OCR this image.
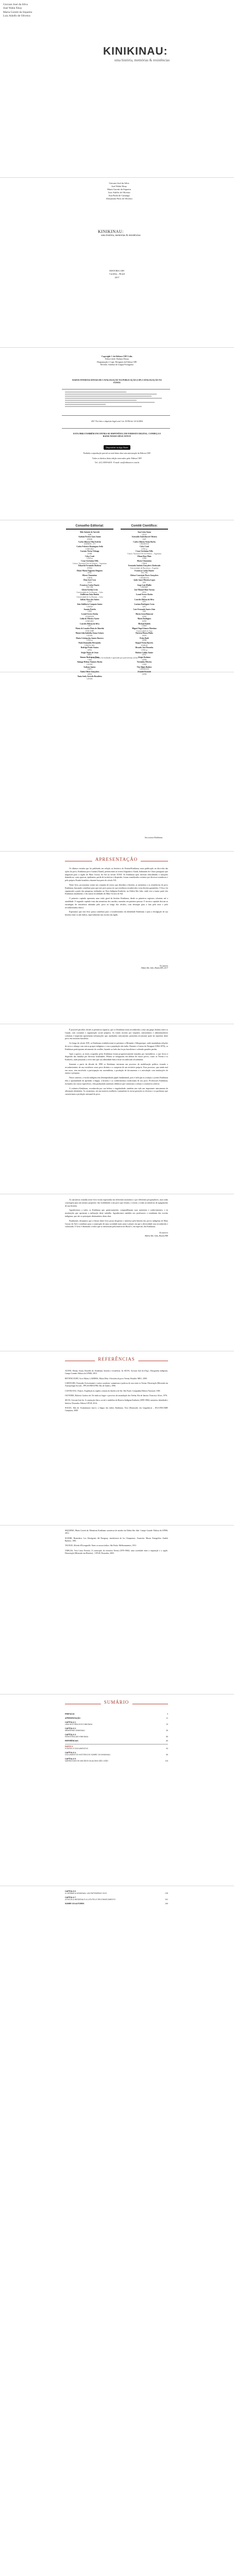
Giovani José da Silva
José Wabá Xhuy
Maria Goretti da Siqueira
Luiz Adolfo de Oliveira
KINIKINAU:
uma história, memórias & resistências
Giovani José da Silva
José Wabá Xhuy
Maria Goretti da Siqueira
Luiz Adolfo de Oliveira
Ana Paula de Camargo
Alessandra Pires de Oliveira
KINIKINAU:
uma história, memórias & resistências
EDITORA CRV
Curitiba – Brasil
2017
Copyright © da Editora CRV Ltda.
Editor-chefe: Railson Moura
Diagramação e Capa: Designers da Editora CRV
Revisão: Analista de Língua Portuguesa
DADOS INTERNACIONAIS DE CATALOGAÇÃO NA PUBLICAÇÃO (CIP) CATALOGAÇÃO NA FONTE
2017 Foi feito o depósito legal conf. Lei 10.994 de 14/12/2004
ESTA OBRA TAMBÉM ENCONTRA-SE DISPONÍVEL EM FORMATO DIGITAL. CONHEÇA E BAIXE NOSSO APLICATIVO!
Disponível na App Store
Proibida a reprodução parcial ou total desta obra sem autorização da Editora CRV
Todos os direitos desta edição reservados pela: Editora CRV
Tel.: (41) 3039-6418 - E-mail: sac@editoracrv.com.br
Conselho Editorial:
Aldo Antonio de Azevedo
UnB
Antônio Pereira Gaio Júnior
UFRRJ
Carlos Alberto Vilar Estêvão
UMINHO – PT
Carlos Federico Dominguez Avila
UNIEURO
Carmen Tereza Velanga
UNIR
Celso Conti
UFSCar
Cesar Gerônimo Tello
Univer. Nacional Três de Febrero – Argentina
Eduardo Fernandes Barbosa
UFMG
Elione Maria Nogueira Diogenes
UFAL
Elizeu Clementino
UNEB
Élsio José Corá
UFFS
Francisco Carlos Duarte
PUC-PR
Gloria Fariñas León
Universidade de La Havana – Cuba
Guillermo Arias Beatón
Universidade de La Havana – Cuba
Jailson Alves dos Santos
UFRJ
João Adalberto Campato Junior
UNESP
Josania Portela
UFPI
Leonel Severo Rocha
UNISINOS
Lídia de Oliveira Xavier
UNIEURO
Lourdes Helena da Silva
UFV
Maria de Lourdes Pinto de Almeida
UNICAMP
Maria Lília Imbiriba Sousa Colares
UFOPA
Maria Cristina dos Santos Bezerra
UFSCar
Paulo Romualdo Hernandes
UNIFAL-MG
Rodrigo Pratte-Santos
UFES
Sérgio Nunes de Jesus
IFRO
Simone Rodrigues Pinto
UNB
Solange Helena Ximenes-Rocha
UFOPA
Sydione Santos
UEPG
Tadeu Oliver Gonçalves
UFPA
Tania Suely Azevedo Brasileiro
UFOPA
Comitê Científico:
Ana Lúcia Souza
UFCE
Ariovaldo Umbelino de Oliveira
USP
Carlos Alberto Vieira Borba
UNIOESTE
Celso Conti
UFSCar
Cesar Gerônimo Tello
Univer. Nacional Três de Febrero – Argentina
Eliane Rose Maio
UEM
Elizeu Clementino
UNEB
Fernando Antônio Gonçalves Alcoforado
Universidade de Barcelona – Espanha
Francisco Carlos Duarte
PUC-PR
Gleisse Conceição Flores Gonçalves
UNIOESTE
Jader Janer Moreira Lopes
UFF
Jorge Luís Mialhe
UNIMEP
José Manuel Ruiz Varona
UFSC
Leonel Severo Rocha
URI
Lourdes Helena da Silva
UFV
Luciano Rodrigues Costa
UFV
Luís Fernando Soares Zuin
USP
Maria Lúcia Bianconi
UFRJ
Mario Rodrigues
UFRJ
Michael Rabelo
UFRN
Miguel Ángel Gómez-Martínez
Universidade de Vigo
Patrícia Moura Pinho
UEFS
Pedro Bodê
UFPR
Raquel Vieira Barreto
UNIFAP
Ricardo José Dornelas
UFSCar
Rubens Caldas Junior
UFSC
Sérgio Kodama
UFPB
Terezinha Oliveira
UEM
Tito Alípio Rudner
UNIOESTE
Zenaide Rezende
UFPR
Este livro foi avaliado e aprovado por pareceristas ad hoc.
Aos nossos Kinikinau.
APRESENTAÇÃO

Os últimos estudos que foi publicado em relação ao histórico do Kiniau/Kinikinau, mais publicação no dia-a-dia das ações do povo, Kinikinau povo Guaná (Chané), pertencentes ao tronco linguístico Aruák, habitantes do Chaco paraguaio que migraram para a região de Mato Grosso do Sul no século XVIII. Os Kinikinau após diversas dificuldades e situações dramáticas, como guerras, epidemias, perda de territórios e dispersão, foram considerados extintos por diversos estudiosos e pelo próprio Estado brasileiro durante boa parte do século XX.

Neste livro, procuramos reunir um conjunto de textos que abordam a história, as memórias e as resistências do povo Kinikinau, buscando contribuir para que este povo possa ter sua existência reconhecida e seus direitos garantidos. O livro foi organizado a partir das pesquisas realizadas na Terra Indígena Kadiwéu, na Aldeia São João, onde vive a maior parte dos Kinikinau atualmente, e em outras localidades do Mato Grosso do Sul.

O primeiro capítulo apresenta uma visão geral da história Kinikinau, desde os primeiros registros coloniais até a atualidade. O segundo capítulo trata das memórias dos anciãos, narradas em primeira pessoa. O terceiro capítulo discute as estratégias de resistência adotadas pelo povo ao longo dos séculos, com destaque para a luta pela terra e pelo reconhecimento étnico.

Esperamos que este livro possa contribuir para o fortalecimento da identidade Kinikinau e para a divulgação de sua história entre os não índios, especialmente nas escolas da região.

Os autores
Aldeia São João, Bonito/MS, 2017

É possível perceber, desde os primeiros registros, que os Kinikinau eram reconhecidos como um grupo distinto entre os Guaná, com costumes e organização social próprios. As fontes escritas por viajantes, missionários e administradores coloniais e imperiais apresentam informações que, analisadas criticamente, permitem reconstruir parte da trajetória deste povo em território brasileiro.

Ao longo do século XIX, os Kinikinau estabeleceram-se próximos a Miranda e Albuquerque, onde mantinham relações de troca e aliança com outros grupos indígenas e com a população não índia. Durante a Guerra do Paraguai (1864-1870), os Kinikinau participaram ativamente do conflito, lutando ao lado das forças brasileiras e sofrendo grandes perdas.

Após a guerra, as terras ocupadas pelos Kinikinau foram progressivamente tomadas por fazendeiros, o que levou à dispersão das famílias por diversas localidades. Muitos se refugiaram em aldeias de outros povos, como os Terena e os Kadiwéu, onde passaram a viver sem que sua identidade étnica fosse reconhecida oficialmente.

Somente a partir da década de 1990 os Kinikinau iniciaram um processo de mobilização política visando o reconhecimento de sua existência como povo distinto e a conquista de um território próprio. Esse processo, que ainda está em curso, tem envolvido a participação em assembleias, a produção de documentos e a articulação com instituições de ensino e pesquisa.

Nesse contexto, a escola indígena tem desempenhado papel fundamental, pois é nela que as crianças e jovens Kinikinau têm a oportunidade de aprender a língua, a história e os conhecimentos tradicionais de seu povo. Professores Kinikinau, formados em cursos específicos, vêm produzindo materiais didáticos que valorizam a cultura e a memória coletiva.

A cerâmica Kinikinau, reconhecida por sua beleza e singularidade, também tem sido um importante instrumento de afirmação identitária. As ceramistas, em sua maioria mulheres, transmitem às novas gerações as técnicas e os grafismos que caracterizam a produção artesanal do povo.

As narrativas reunidas neste livro foram registradas em diferentes momentos e por diferentes pesquisadores, mas todas convergem para um mesmo propósito: dar visibilidade a um povo que resistiu, e resiste, a todas as tentativas de apagamento de sua história.

Agradecemos a todos os Kinikinau que, generosamente, compartilharam suas memórias e conhecimentos, e às instituições que apoiaram a realização deste trabalho. Agradecemos também aos professores e estudantes das escolas indígenas, que são os principais destinatários desta obra.

Finalmente, desejamos que a leitura deste livro possa despertar o interesse pela história dos povos indígenas de Mato Grosso do Sul e contribuir para a construção de uma sociedade mais justa e plural, em que a diversidade seja reconhecida e valorizada. O livro é destinado a todos que se interessam pela história do Brasil e, em especial, dos Kinikinau.

Os autores
Aldeia São João, Bonito/MS
REFERÊNCIAS

ALTINI, Eliana; Souza, Rosaldo de. Kinikinau: história e resistência. In: SILVA, Giovani José da (Org.). Etnografias indígenas. Campo Grande: Editora da UFMS, 2010.

BITTENCOURT, Circe Maria; LADEIRA, Maria Elisa. A história do povo Terena. Brasília: MEC, 2000.

CARVALHO, Fernanda. Koixomuneti e outros curadores: xamanismo e práticas de cura entre os Terena. Dissertação (Mestrado em Antropologia Social) – PPGAS/MN/UFRJ, Rio de Janeiro, 1996.

CASTELNAU, Francis. Expedição às regiões centrais da América do Sul. São Paulo: Companhia Editora Nacional, 1949.

OLIVEIRA, Roberto Cardoso de. Do índio ao bugre: o processo de assimilação dos Terêna. Rio de Janeiro: Francisco Alves, 1976.

SILVA, Giovani José da. A construção física, social e simbólica da Reserva Indígena Kadiwéu (1899-1984): memória, identidade e história. Dourados: Editora UFGD, 2014.

SOUZA, Ilda de. Koenukunoe emo'u: a língua dos índios Kinikinau. Tese (Doutorado em Linguística) – IEL/UNICAMP, Campinas, 2008.

SIQUEIRA, Maria Goretti da. Memórias Kinikinau: narrativas de anciãos da Aldeia São João. Campo Grande: Editora da UFMS, 2012.

SUSNIK, Branislava. Los Aborígenes del Paraguay: etnohistoria de los Chaquenses. Asunción: Museo Etnográfico Andrés Barbero, 1981.

TAUNAY, Alfredo d'Escragnolle. Entre os nossos índios. São Paulo: Melhoramentos, 1931.

VARGAS, Vera Lúcia Ferreira. A construção do território Terena (1870-1966): uma sociedade entre a imposição e a opção. Dissertação (Mestrado em História) – UFGD, Dourados, 2003.

SUMÁRIO
PREFÁCIO	9
APRESENTAÇÃO	11
CAPÍTULO 1
UMA HISTÓRIA DOS KINIKINAU	15
CAPÍTULO 2
MEMÓRIAS KINIKINAU	35
CAPÍTULO 3
RESISTÊNCIAS KINIKINAU	55
REFERÊNCIAS	89
PARTE II
FONTES E DOCUMENTOS	93
CAPÍTULO 4
DOCUMENTOS HISTÓRICOS SOBRE OS KINIKINAU	95
CAPÍTULO 5
NARRATIVAS DE ANCIÃOS DA ALDEIA SÃO JOÃO	115
CAPÍTULO 6
A CERÂMICA KINIKINAU: UM PATRIMÔNIO VIVO	135
CAPÍTULO 7
A ESCOLA INDÍGENA E A LUTA PELO RECONHECIMENTO	151
SOBRE OS AUTORES	169
